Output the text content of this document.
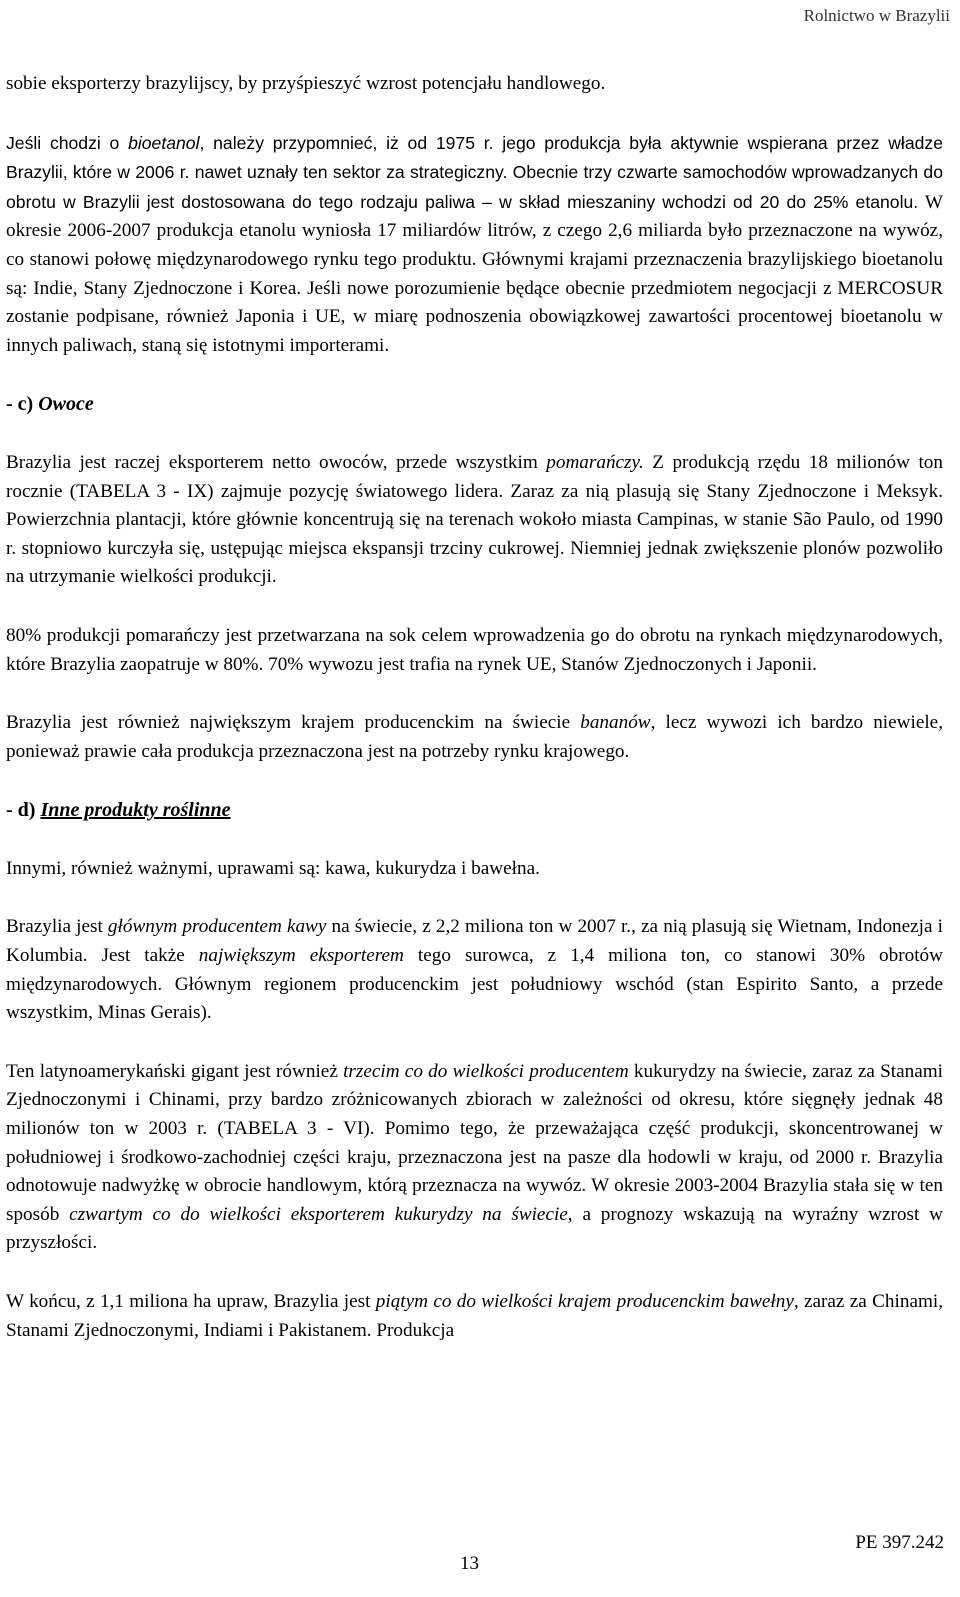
Rolnictwo w Brazylii

sobie eksporterzy brazylijscy, by przyśpieszyć wzrost potencjału handlowego.

Jeśli chodzi o bioetanol, należy przypomnieć, iż od 1975 r. jego produkcja była aktywnie wspierana przez władze Brazylii, które w 2006 r. nawet uznały ten sektor za strategiczny. Obecnie trzy czwarte samochodów wprowadzanych do obrotu w Brazylii jest dostosowana do tego rodzaju paliwa – w skład mieszaniny wchodzi od 20 do 25% etanolu. W okresie 2006-2007 produkcja etanolu wyniosła 17 miliardów litrów, z czego 2,6 miliarda było przeznaczone na wywóz, co stanowi połowę międzynarodowego rynku tego produktu. Głównymi krajami przeznaczenia brazylijskiego bioetanolu są: Indie, Stany Zjednoczone i Korea. Jeśli nowe porozumienie będące obecnie przedmiotem negocjacji z MERCOSUR zostanie podpisane, również Japonia i UE, w miarę podnoszenia obowiązkowej zawartości procentowej bioetanolu w innych paliwach, staną się istotnymi importerami.

- c) Owoce

Brazylia jest raczej eksporterem netto owoców, przede wszystkim pomarańczy. Z produkcją rzędu 18 milionów ton rocznie (TABELA 3 - IX) zajmuje pozycję światowego lidera. Zaraz za nią plasują się Stany Zjednoczone i Meksyk. Powierzchnia plantacji, które głównie koncentrują się na terenach wokoło miasta Campinas, w stanie São Paulo, od 1990 r. stopniowo kurczyła się, ustępując miejsca ekspansji trzciny cukrowej. Niemniej jednak zwiększenie plonów pozwoliło na utrzymanie wielkości produkcji.

80% produkcji pomarańczy jest przetwarzana na sok celem wprowadzenia go do obrotu na rynkach międzynarodowych, które Brazylia zaopatruje w 80%. 70% wywozu jest trafia na rynek UE, Stanów Zjednoczonych i Japonii.

Brazylia jest również największym krajem producenckim na świecie bananów, lecz wywozi ich bardzo niewiele, ponieważ prawie cała produkcja przeznaczona jest na potrzeby rynku krajowego.

- d) Inne produkty roślinne

Innymi, również ważnymi, uprawami są: kawa, kukurydza i bawełna.

Brazylia jest głównym producentem kawy na świecie, z 2,2 miliona ton w 2007 r., za nią plasują się Wietnam, Indonezja i Kolumbia. Jest także największym eksporterem tego surowca, z 1,4 miliona ton, co stanowi 30% obrotów międzynarodowych. Głównym regionem producenckim jest południowy wschód (stan Espirito Santo, a przede wszystkim, Minas Gerais).

Ten latynoamerykański gigant jest również trzecim co do wielkości producentem kukurydzy na świecie, zaraz za Stanami Zjednoczonymi i Chinami, przy bardzo zróżnicowanych zbiorach w zależności od okresu, które sięgnęły jednak 48 milionów ton w 2003 r. (TABELA 3 - VI). Pomimo tego, że przeważająca część produkcji, skoncentrowanej w południowej i środkowo-zachodniej części kraju, przeznaczona jest na pasze dla hodowli w kraju, od 2000 r. Brazylia odnotowuje nadwyżkę w obrocie handlowym, którą przeznacza na wywóz. W okresie 2003-2004 Brazylia stała się w ten sposób czwartym co do wielkości eksporterem kukurydzy na świecie, a prognozy wskazują na wyraźny wzrost w przyszłości.

W końcu, z 1,1 miliona ha upraw, Brazylia jest piątym co do wielkości krajem producenckim bawełny, zaraz za Chinami, Stanami Zjednoczonymi, Indiami i Pakistanem. Produkcja

PE 397.242
13
